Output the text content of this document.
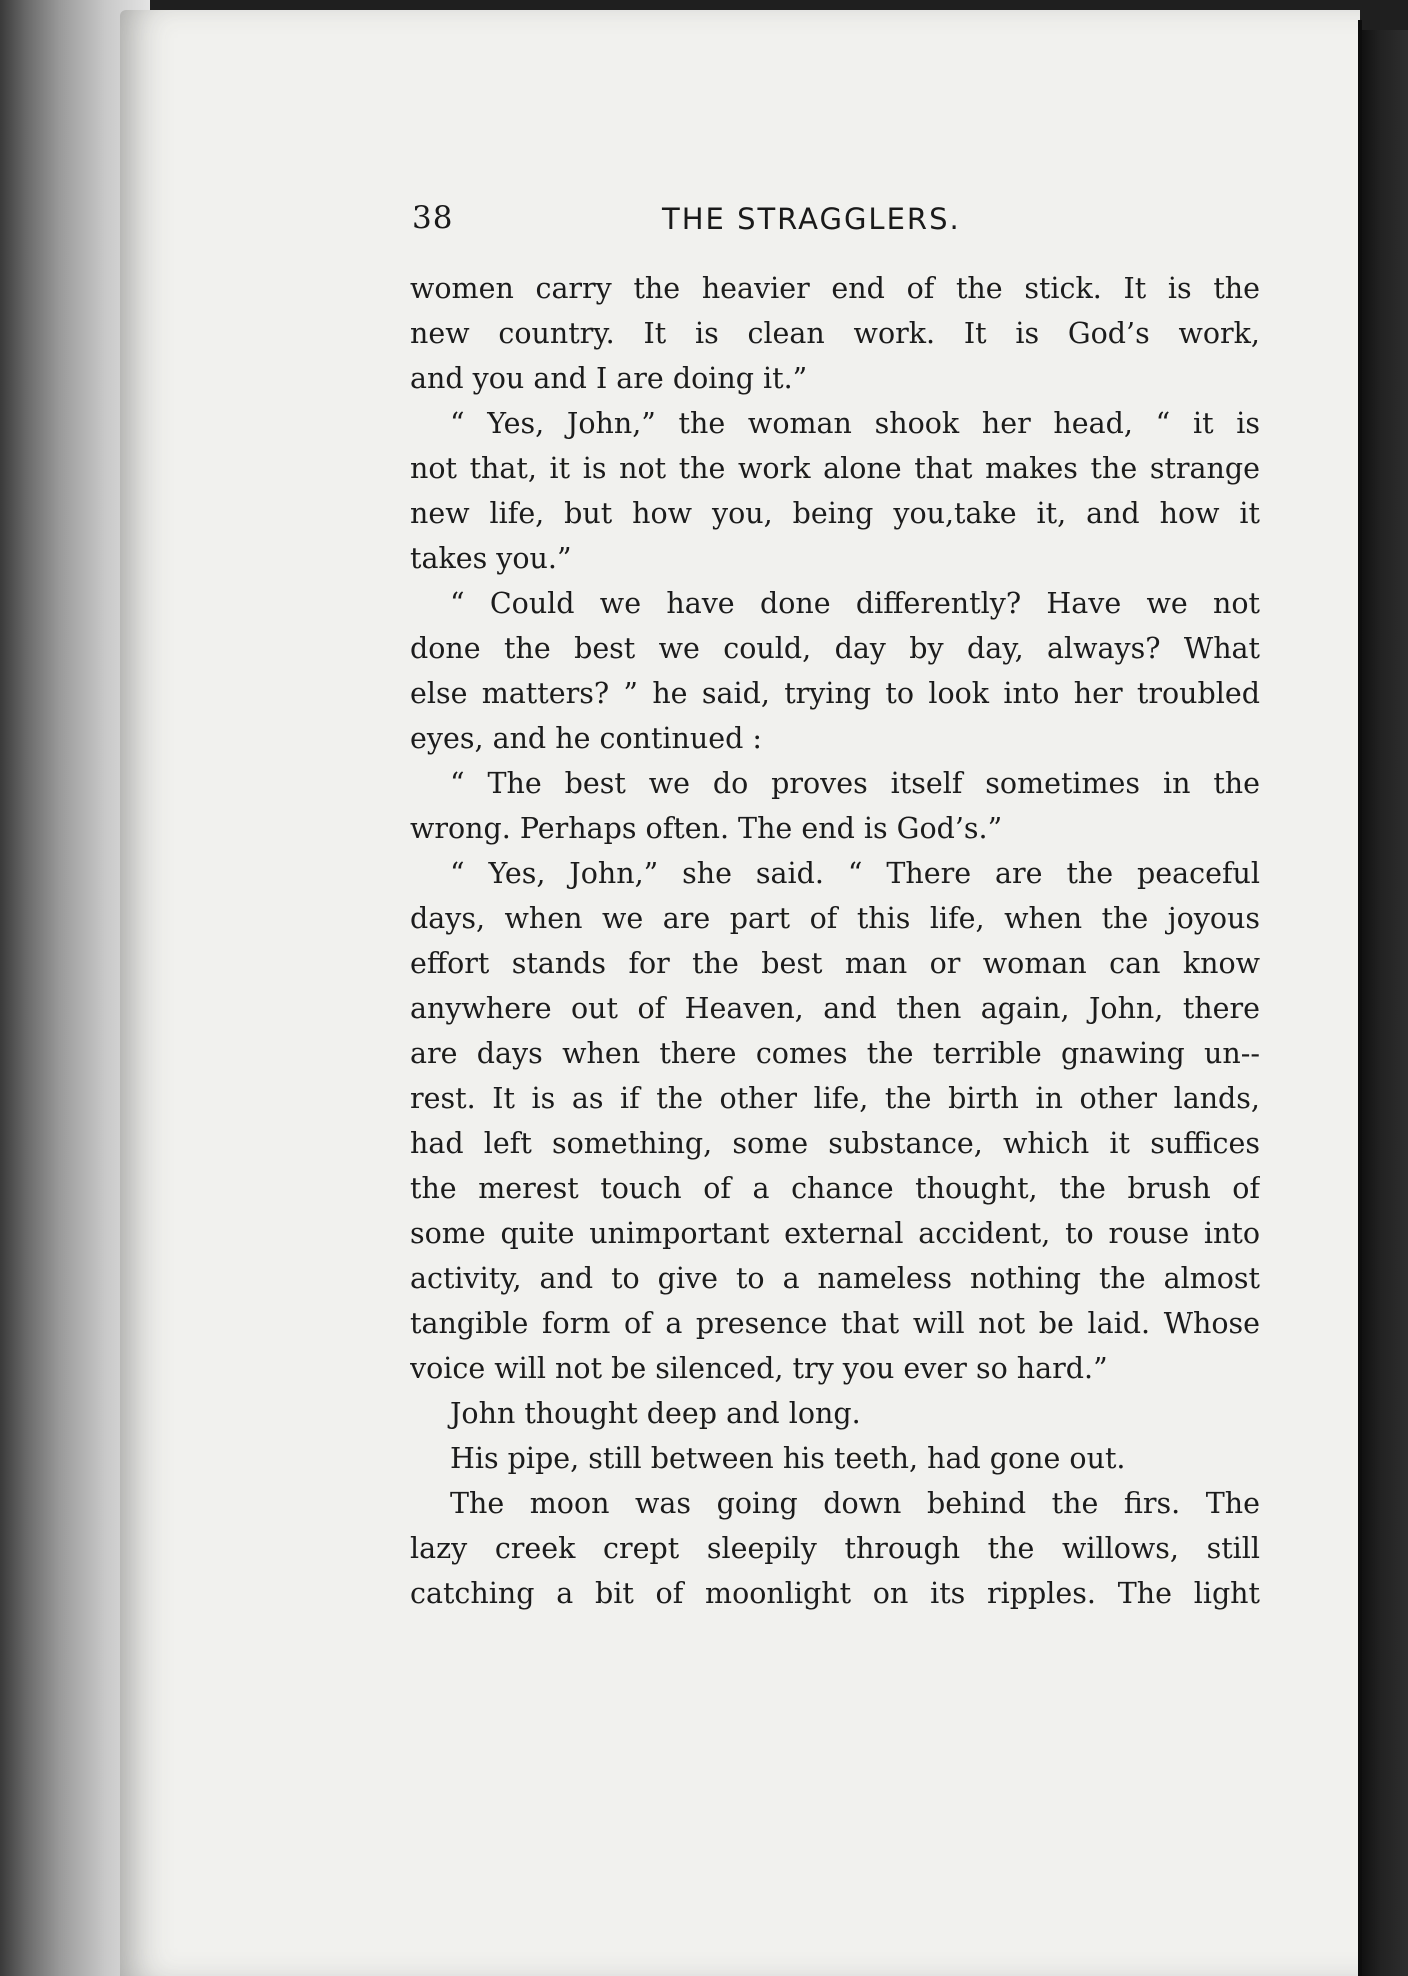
38	THE STRAGGLERS.
women carry the heavier end of the stick. It is the
new country. It is clean work. It is God’s work,
and you and I are doing it.”
“ Yes, John,” the woman shook her head, “ it is
not that, it is not the work alone that makes the strange
new life, but how you, being you,take it, and how it
takes you.”
“ Could we have done differently? Have we not
done the best we could, day by day, always? What
else matters? ” he said, trying to look into her troubled
eyes, and he continued :
“ The best we do proves itself sometimes in the
wrong. Perhaps often. The end is God’s.”
“ Yes, John,” she said. “ There are the peaceful
days, when we are part of this life, when the joyous
effort stands for the best man or woman can know
anywhere out of Heaven, and then again, John, there
are days when there comes the terrible gnawing un--
rest. It is as if the other life, the birth in other lands,
had left something, some substance, which it suffices
the merest touch of a chance thought, the brush of
some quite unimportant external accident, to rouse into
activity, and to give to a nameless nothing the almost
tangible form of a presence that will not be laid. Whose
voice will not be silenced, try you ever so hard.”
John thought deep and long.
His pipe, still between his teeth, had gone out.
The moon was going down behind the firs. The
lazy creek crept sleepily through the willows, still
catching a bit of moonlight on its ripples. The light
